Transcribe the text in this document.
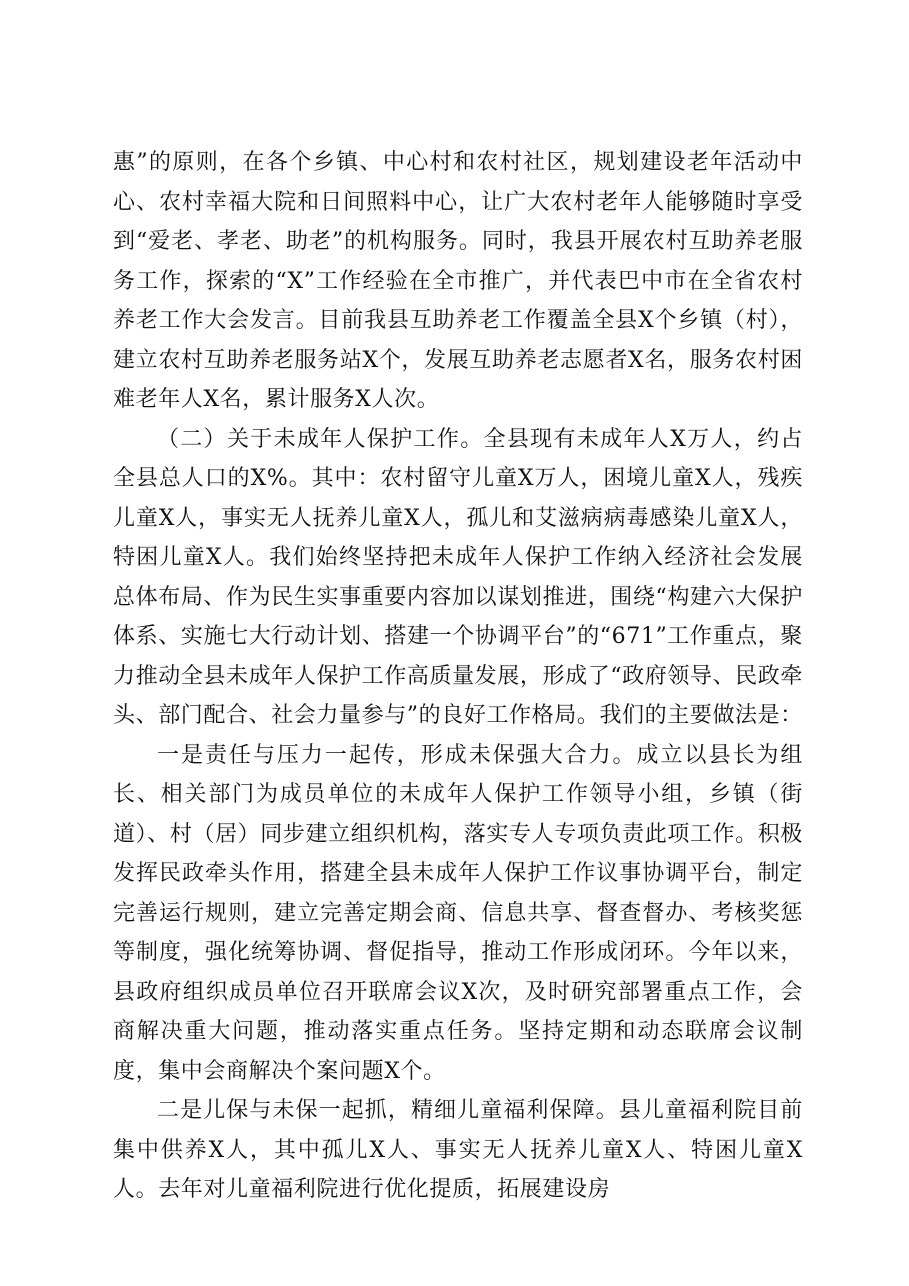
惠”的原则，在各个乡镇、中心村和农村社区，规划建设老年活动中心、农村幸福大院和日间照料中心，让广大农村老年人能够随时享受到“爱老、孝老、助老”的机构服务。同时，我县开展农村互助养老服务工作，探索的“X”工作经验在全市推广，并代表巴中市在全省农村养老工作大会发言。目前我县互助养老工作覆盖全县X个乡镇（村），建立农村互助养老服务站X个，发展互助养老志愿者X名，服务农村困难老年人X名，累计服务X人次。

（二）关于未成年人保护工作。全县现有未成年人X万人，约占全县总人口的X%。其中：农村留守儿童X万人，困境儿童X人，残疾儿童X人，事实无人抚养儿童X人，孤儿和艾滋病病毒感染儿童X人，特困儿童X人。我们始终坚持把未成年人保护工作纳入经济社会发展总体布局、作为民生实事重要内容加以谋划推进，围绕“构建六大保护体系、实施七大行动计划、搭建一个协调平台”的“671”工作重点，聚力推动全县未成年人保护工作高质量发展，形成了“政府领导、民政牵头、部门配合、社会力量参与”的良好工作格局。我们的主要做法是：

一是责任与压力一起传，形成未保强大合力。成立以县长为组长、相关部门为成员单位的未成年人保护工作领导小组，乡镇（街道）、村（居）同步建立组织机构，落实专人专项负责此项工作。积极发挥民政牵头作用，搭建全县未成年人保护工作议事协调平台，制定完善运行规则，建立完善定期会商、信息共享、督查督办、考核奖惩等制度，强化统筹协调、督促指导，推动工作形成闭环。今年以来，县政府组织成员单位召开联席会议X次，及时研究部署重点工作，会商解决重大问题，推动落实重点任务。坚持定期和动态联席会议制度，集中会商解决个案问题X个。

二是儿保与未保一起抓，精细儿童福利保障。县儿童福利院目前集中供养X人，其中孤儿X人、事实无人抚养儿童X人、特困儿童X人。去年对儿童福利院进行优化提质，拓展建设房
